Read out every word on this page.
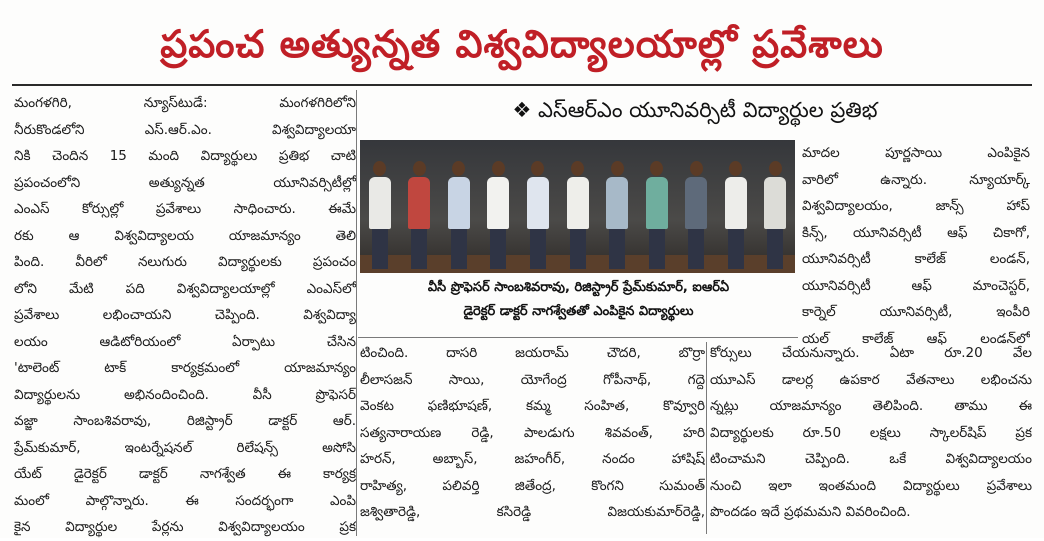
ప్రపంచ అత్యున్నత విశ్వవిద్యాలయాల్లో ప్రవేశాలు
మంగళగిరి, న్యూస్‌టుడే: మంగళగిరిలోని
నీరుకొండలోని ఎస్.ఆర్.ఎం. విశ్వవిద్యాలయా
నికి చెందిన 15 మంది విద్యార్థులు ప్రతిభ చాటి
ప్రపంచంలోని అత్యున్నత యూనివర్సిటీల్లో
ఎంఎస్ కోర్సుల్లో ప్రవేశాలు సాధించారు. ఈమే
రకు ఆ విశ్వవిద్యాలయ యాజమాన్యం తెలి
పింది. వీరిలో నలుగురు విద్యార్థులకు ప్రపంచం
లోని మేటి పది విశ్వవిద్యాలయాల్లో ఎంఎస్‌లో
ప్రవేశాలు లభించాయని చెప్పింది. విశ్వవిద్యా
లయం ఆడిటోరియంలో ఏర్పాటు చేసిన
'టాలెంట్ టాక్ కార్యక్రమంలో యాజమాన్యం
విద్యార్థులను అభినందించింది. వీసీ ప్రొఫెసర్
వజ్జా సాంబశివరావు, రిజిస్ట్రార్ డాక్టర్ ఆర్.
ప్రేమ్‌కుమార్, ఇంటర్నేషనల్ రిలేషన్స్ అసోసి
యేట్ డైరెక్టర్ డాక్టర్ నాగశ్వేత ఈ కార్యక్ర
మంలో పాల్గొన్నారు. ఈ సందర్భంగా ఎంపి
కైన విద్యార్థుల పేర్లను విశ్వవిద్యాలయం ప్రక
❖ ఎస్ఆర్ఎం యూనివర్సిటీ విద్యార్థుల ప్రతిభ
వీసీ ప్రొఫెసర్ సాంబశివరావు, రిజిస్ట్రార్ ప్రేమ్‌కుమార్, ఐఆర్‌ఏ
డైరెక్టర్ డాక్టర్ నాగశ్వేతతో ఎంపికైన విద్యార్థులు
మాదల పూర్ణసాయి ఎంపికైన
వారిలో ఉన్నారు. న్యూయార్క్
విశ్వవిద్యాలయం, జాన్స్ హాప్
కిన్స్, యూనివర్సిటీ ఆఫ్ చికాగో,
యూనివర్సిటీ కాలేజ్ లండన్,
యూనివర్సిటీ ఆఫ్ మాంచెస్టర్,
కార్నెల్ యూనివర్సిటీ, ఇంపీరి
యల్ కాలేజ్ ఆఫ్ లండన్‌లో
టించింది. దాసరి జయరామ్ చౌదరి, బొర్రా
లీలాసజన్ సాయి, యోగేంద్ర గోపీనాథ్, గద్దె
వెంకట ఫణిభూషణ్, కమ్మ సంహిత, కొవ్వూరి
సత్యనారాయణ రెడ్డి, పాలడుగు శివవంత్, హరి
హరన్, అబ్బాస్, జహంగీర్, నందం హాషిష్
రాహిత్య, పలివర్తి జితేంద్ర, కొంగని సుమంత్
జశ్వితారెడ్డి, కసిరెడ్డి విజయకుమార్‌రెడ్డి,
కోర్సులు చేయనున్నారు. ఏటా రూ.20 వేల
యూఎస్ డాలర్ల ఉపకార వేతనాలు లభించను
న్నట్లు యాజమాన్యం తెలిపింది. తాము ఈ
విద్యార్థులకు రూ.50 లక్షలు స్కాలర్‌షిప్ ప్రక
టించామని చెప్పింది. ఒకే విశ్వవిద్యాలయం
నుంచి ఇలా ఇంతమంది విద్యార్థులు ప్రవేశాలు
పొందడం ఇదే ప్రథమమని వివరించింది.
